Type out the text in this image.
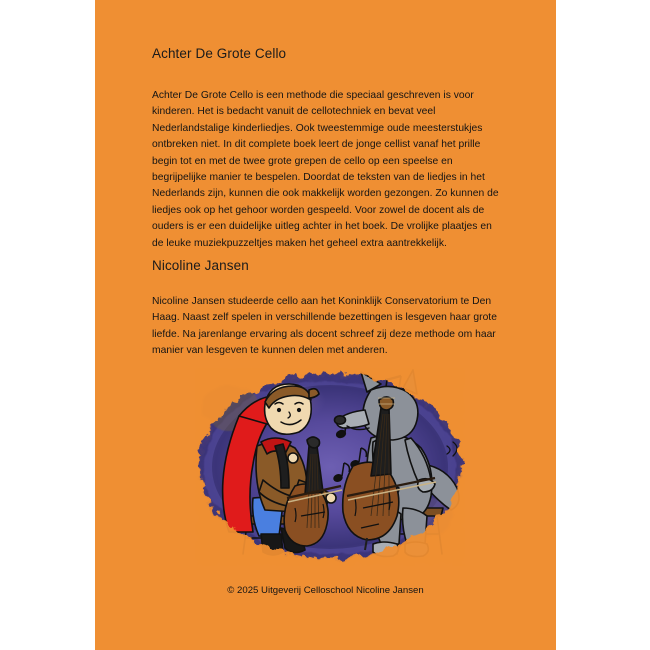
Achter De Grote Cello

Achter De Grote Cello is een methode die speciaal geschreven is voor kinderen. Het is bedacht vanuit de cellotechniek en bevat veel Nederlandstalige kinderliedjes. Ook tweestemmige oude meesterstukjes ontbreken niet. In dit complete boek leert de jonge cellist vanaf het prille begin tot en met de twee grote grepen de cello op een speelse en begrijpelijke manier te bespelen. Doordat de teksten van de liedjes in het Nederlands zijn, kunnen die ook makkelijk worden gezongen. Zo kunnen de liedjes ook op het gehoor worden gespeeld. Voor zowel de docent als de ouders is er een duidelijke uitleg achter in het boek. De vrolijke plaatjes en de leuke muziekpuzzeltjes maken het geheel extra aantrekkelijk.

Nicoline Jansen

Nicoline Jansen studeerde cello aan het Koninklijk Conservatorium te Den Haag. Naast zelf spelen in verschillende bezettingen is lesgeven haar grote liefde. Na jarenlange ervaring als docent schreef zij deze methode om haar manier van lesgeven te kunnen delen met anderen.

© 2025 Uitgeverij Celloschool Nicoline Jansen
